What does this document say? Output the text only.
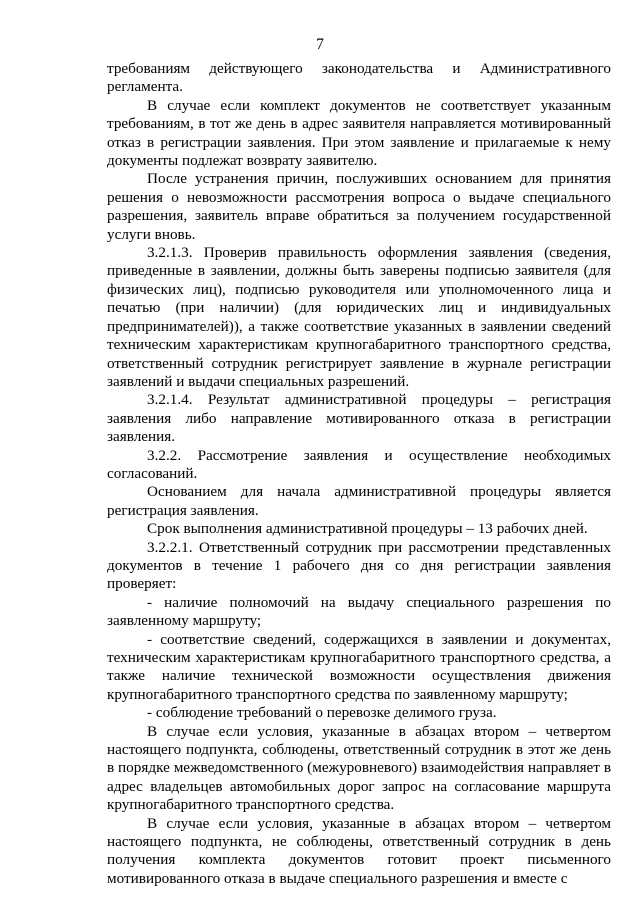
7

требованиям действующего законодательства и Административного регламента.

В случае если комплект документов не соответствует указанным требованиям, в тот же день в адрес заявителя направляется мотивированный отказ в регистрации заявления. При этом заявление и прилагаемые к нему документы подлежат возврату заявителю.

После устранения причин, послуживших основанием для принятия решения о невозможности рассмотрения вопроса о выдаче специального разрешения, заявитель вправе обратиться за получением государственной услуги вновь.

3.2.1.3. Проверив правильность оформления заявления (сведения, приведенные в заявлении, должны быть заверены подписью заявителя (для физических лиц), подписью руководителя или уполномоченного лица и печатью (при наличии) (для юридических лиц и индивидуальных предпринимателей)), а также соответствие указанных в заявлении сведений техническим характеристикам крупногабаритного транспортного средства, ответственный сотрудник регистрирует заявление в журнале регистрации заявлений и выдачи специальных разрешений.

3.2.1.4. Результат административной процедуры – регистрация заявления либо направление мотивированного отказа в регистрации заявления.

3.2.2. Рассмотрение заявления и осуществление необходимых согласований.

Основанием для начала административной процедуры является регистрация заявления.

Срок выполнения административной процедуры – 13 рабочих дней.

3.2.2.1. Ответственный сотрудник при рассмотрении представленных документов в течение 1 рабочего дня со дня регистрации заявления проверяет:

- наличие полномочий на выдачу специального разрешения по заявленному маршруту;

- соответствие сведений, содержащихся в заявлении и документах, техническим характеристикам крупногабаритного транспортного средства, а также наличие технической возможности осуществления движения крупногабаритного транспортного средства по заявленному маршруту;

- соблюдение требований о перевозке делимого груза.

В случае если условия, указанные в абзацах втором – четвертом настоящего подпункта, соблюдены, ответственный сотрудник в этот же день в порядке межведомственного (межуровневого) взаимодействия направляет в адрес владельцев автомобильных дорог запрос на согласование маршрута крупногабаритного транспортного средства.

В случае если условия, указанные в абзацах втором – четвертом настоящего подпункта, не соблюдены, ответственный сотрудник в день получения комплекта документов готовит проект письменного мотивированного отказа в выдаче специального разрешения и вместе с
